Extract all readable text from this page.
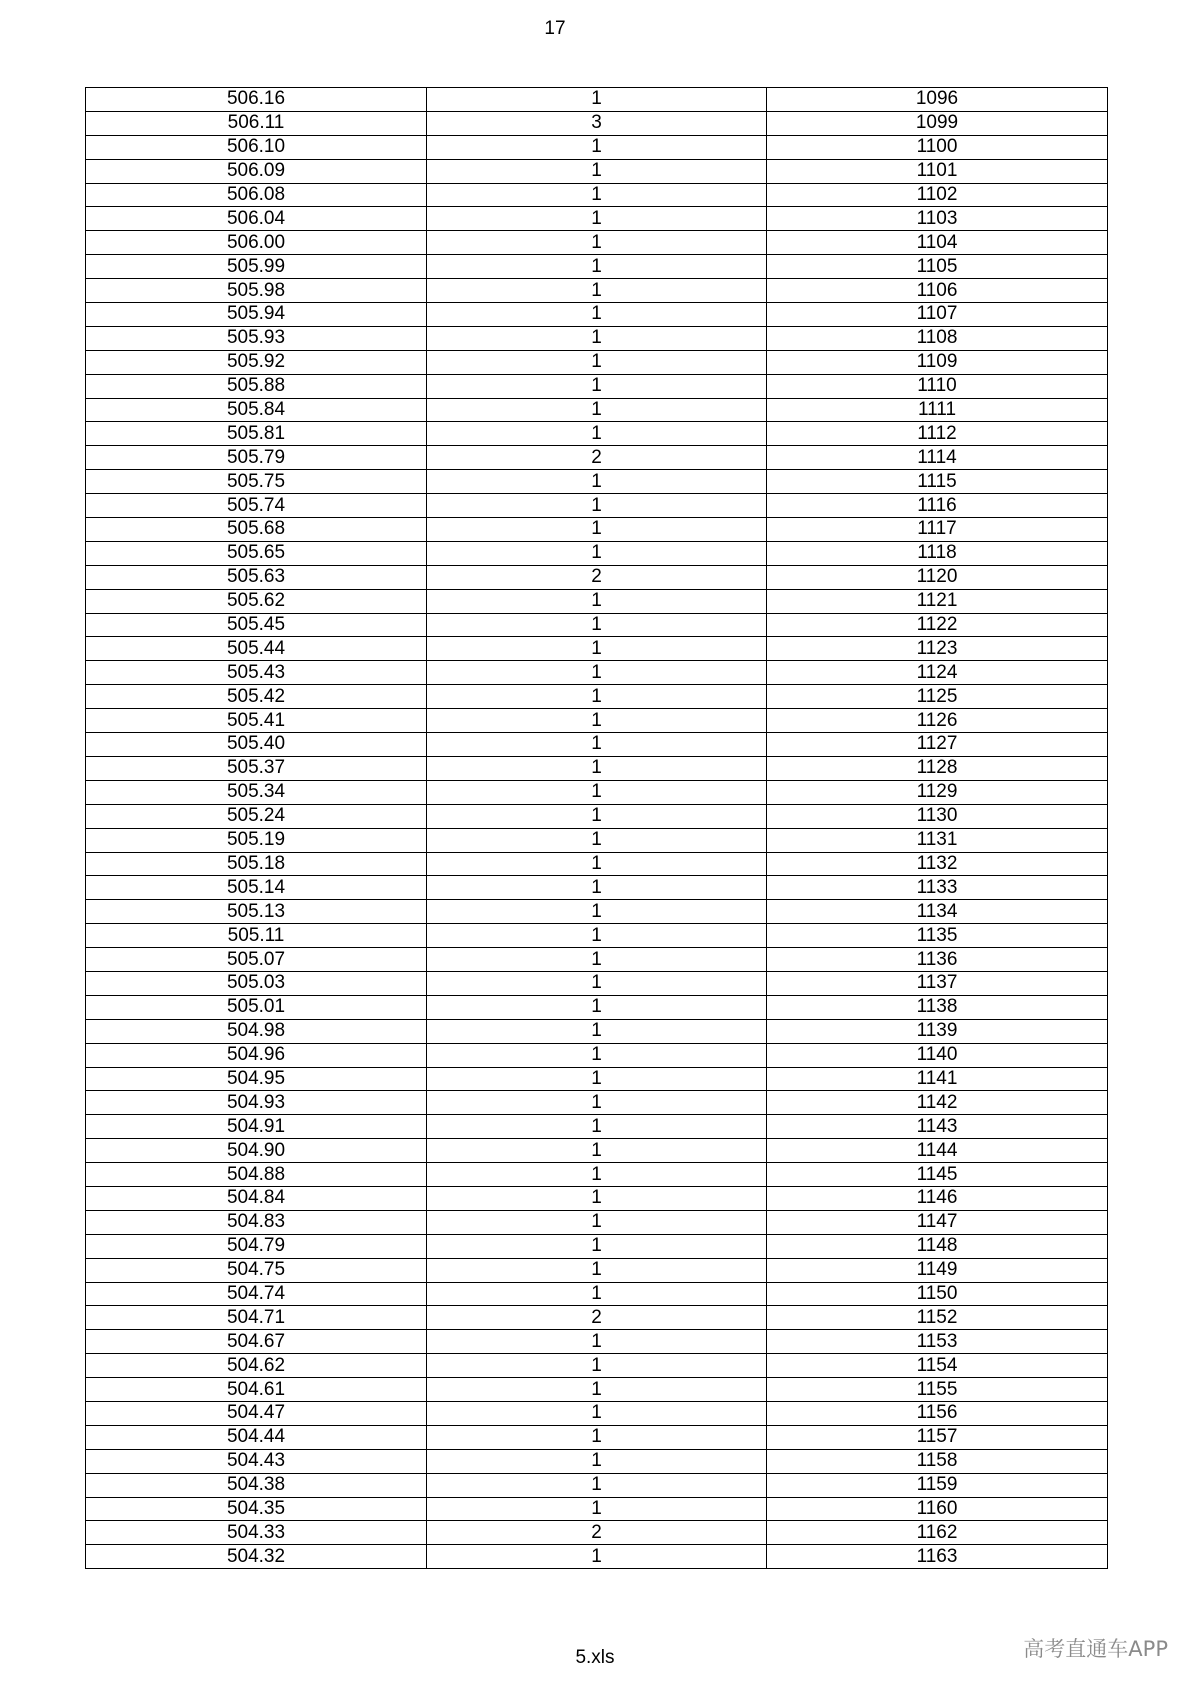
17
506.16	1	1096
506.11	3	1099
506.10	1	1100
506.09	1	1101
506.08	1	1102
506.04	1	1103
506.00	1	1104
505.99	1	1105
505.98	1	1106
505.94	1	1107
505.93	1	1108
505.92	1	1109
505.88	1	1110
505.84	1	1111
505.81	1	1112
505.79	2	1114
505.75	1	1115
505.74	1	1116
505.68	1	1117
505.65	1	1118
505.63	2	1120
505.62	1	1121
505.45	1	1122
505.44	1	1123
505.43	1	1124
505.42	1	1125
505.41	1	1126
505.40	1	1127
505.37	1	1128
505.34	1	1129
505.24	1	1130
505.19	1	1131
505.18	1	1132
505.14	1	1133
505.13	1	1134
505.11	1	1135
505.07	1	1136
505.03	1	1137
505.01	1	1138
504.98	1	1139
504.96	1	1140
504.95	1	1141
504.93	1	1142
504.91	1	1143
504.90	1	1144
504.88	1	1145
504.84	1	1146
504.83	1	1147
504.79	1	1148
504.75	1	1149
504.74	1	1150
504.71	2	1152
504.67	1	1153
504.62	1	1154
504.61	1	1155
504.47	1	1156
504.44	1	1157
504.43	1	1158
504.38	1	1159
504.35	1	1160
504.33	2	1162
504.32	1	1163
5.xls	高考直通车APP
